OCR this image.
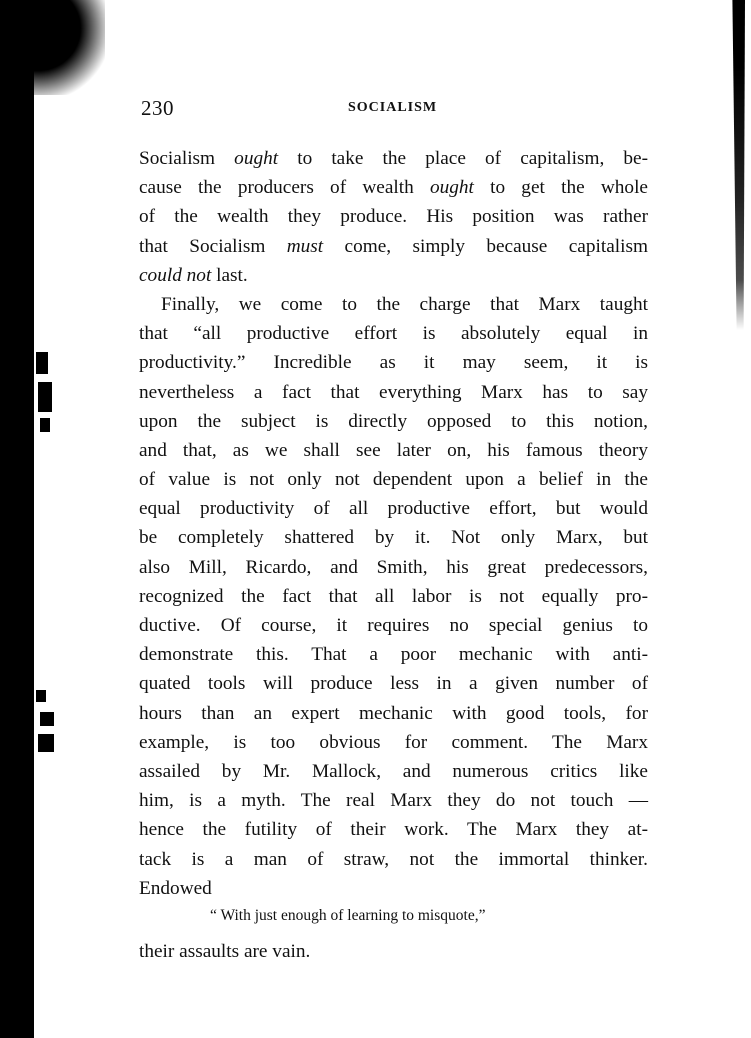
230	SOCIALISM
Socialism ought to take the place of capitalism, be-
cause the producers of wealth ought to get the whole
of the wealth they produce. His position was rather
that Socialism must come, simply because capitalism
could not last.
Finally, we come to the charge that Marx taught
that “all productive effort is absolutely equal in
productivity.” Incredible as it may seem, it is
nevertheless a fact that everything Marx has to say
upon the subject is directly opposed to this notion,
and that, as we shall see later on, his famous theory
of value is not only not dependent upon a belief in the
equal productivity of all productive effort, but would
be completely shattered by it. Not only Marx, but
also Mill, Ricardo, and Smith, his great predecessors,
recognized the fact that all labor is not equally pro-
ductive. Of course, it requires no special genius to
demonstrate this. That a poor mechanic with anti-
quated tools will produce less in a given number of
hours than an expert mechanic with good tools, for
example, is too obvious for comment. The Marx
assailed by Mr. Mallock, and numerous critics like
him, is a myth. The real Marx they do not touch —
hence the futility of their work. The Marx they at-
tack is a man of straw, not the immortal thinker.
Endowed
“ With just enough of learning to misquote,”
their assaults are vain.
